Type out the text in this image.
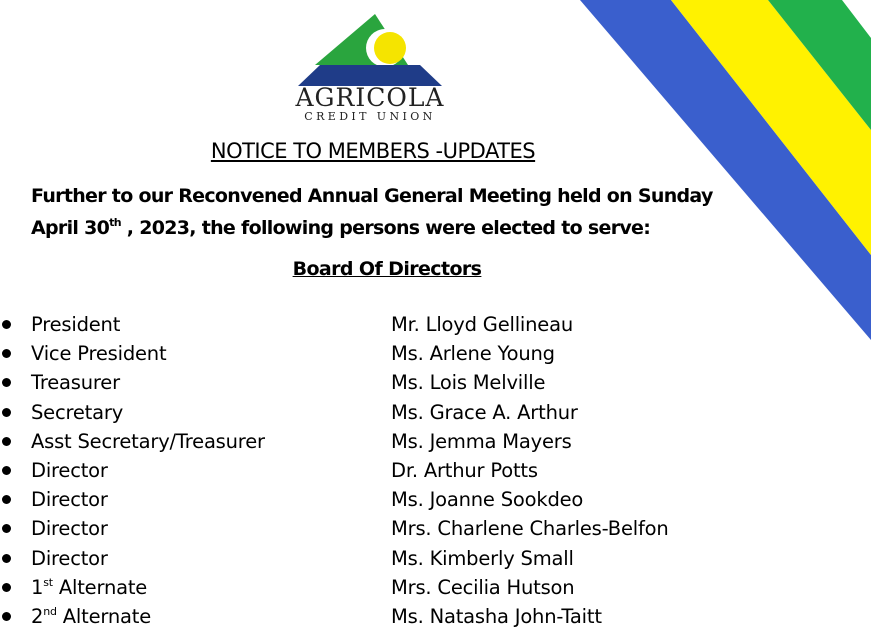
AGRICOLA
CREDIT UNION
NOTICE TO MEMBERS -UPDATES
Further to our Reconvened Annual General Meeting held on Sunday
April 30th , 2023, the following persons were elected to serve:
Board Of Directors
President	Mr. Lloyd Gellineau
Vice President	Ms. Arlene Young
Treasurer	Ms. Lois Melville
Secretary	Ms. Grace A. Arthur
Asst Secretary/Treasurer	Ms. Jemma Mayers
Director	Dr. Arthur Potts
Director	Ms. Joanne Sookdeo
Director	Mrs. Charlene Charles-Belfon
Director	Ms. Kimberly Small
1st Alternate	Mrs. Cecilia Hutson
2nd Alternate	Ms. Natasha John-Taitt
